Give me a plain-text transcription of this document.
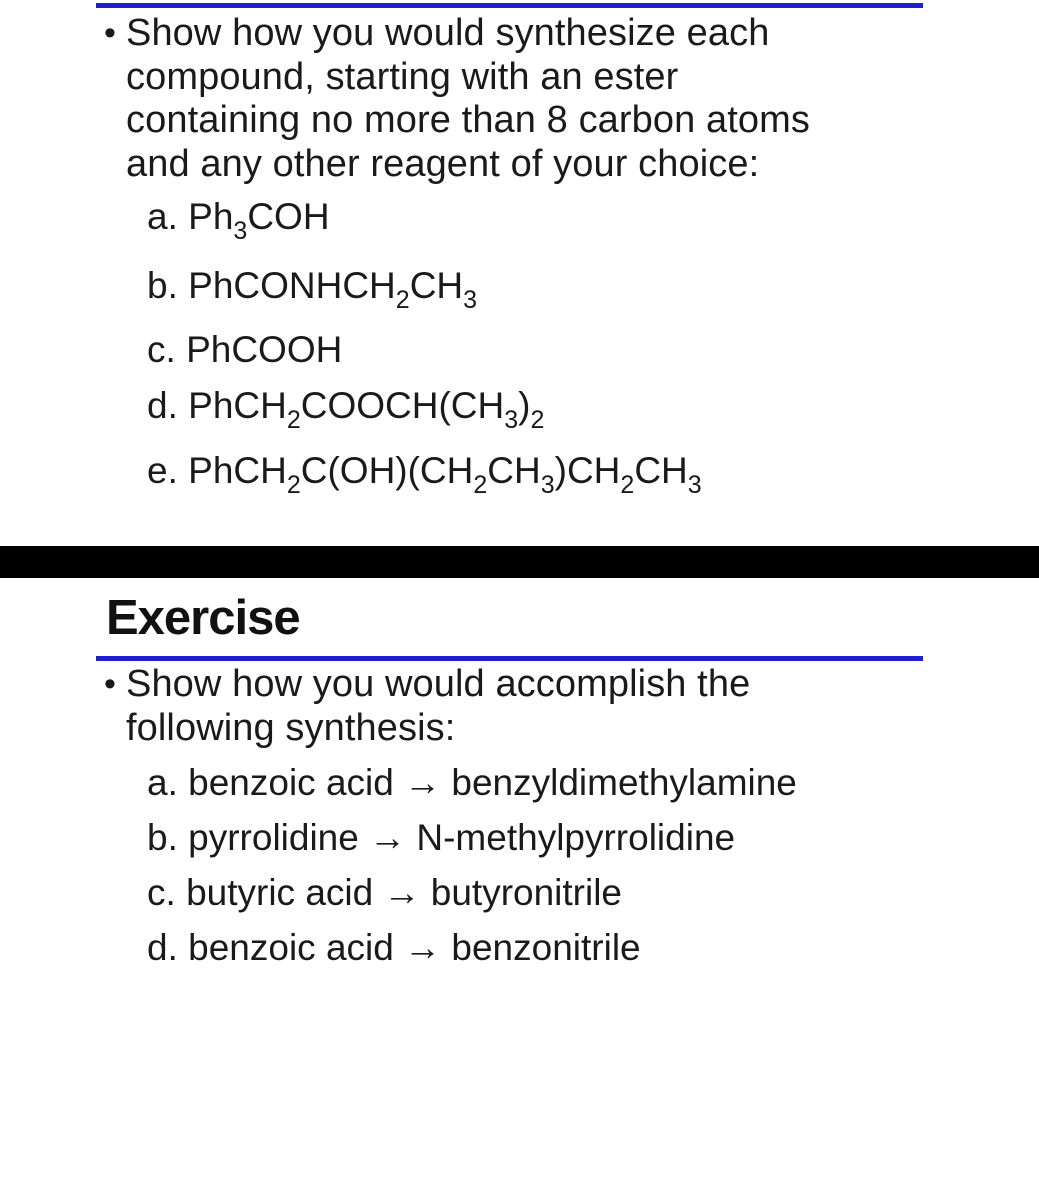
• Show how you would synthesize each
compound, starting with an ester
containing no more than 8 carbon atoms
and any other reagent of your choice:
a. $Ph_3COH$
b. $PhCONHCH_2CH_3$
c. PhCOOH
d. $PhCH_2COOCH(CH_3)_2$
e. $PhCH_2C(OH)(CH_2CH_3)CH_2CH_3$
Exercise
• Show how you would accomplish the
following synthesis:
a. benzoic acid → benzyldimethylamine
b. pyrrolidine → N-methylpyrrolidine
c. butyric acid → butyronitrile
d. benzoic acid → benzonitrile
